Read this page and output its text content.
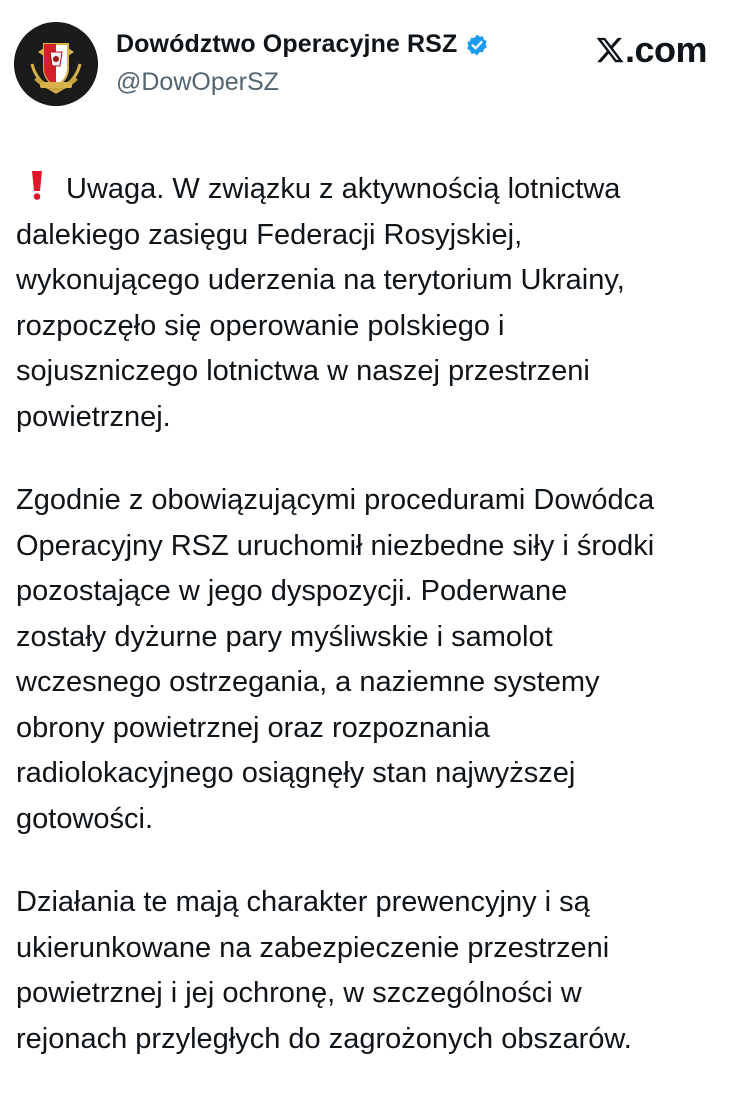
Dowództwo Operacyjne RSZ
@DowOperSZ
.com

Uwaga. W związku z aktywnością lotnictwa
dalekiego zasięgu Federacji Rosyjskiej,
wykonującego uderzenia na terytorium Ukrainy,
rozpoczęło się operowanie polskiego i
sojuszniczego lotnictwa w naszej przestrzeni
powietrznej.

Zgodnie z obowiązującymi procedurami Dowódca
Operacyjny RSZ uruchomił niezbedne siły i środki
pozostające w jego dyspozycji. Poderwane
zostały dyżurne pary myśliwskie i samolot
wczesnego ostrzegania, a naziemne systemy
obrony powietrznej oraz rozpoznania
radiolokacyjnego osiągnęły stan najwyższej
gotowości.

Działania te mają charakter prewencyjny i są
ukierunkowane na zabezpieczenie przestrzeni
powietrznej i jej ochronę, w szczególności w
rejonach przyległych do zagrożonych obszarów.
